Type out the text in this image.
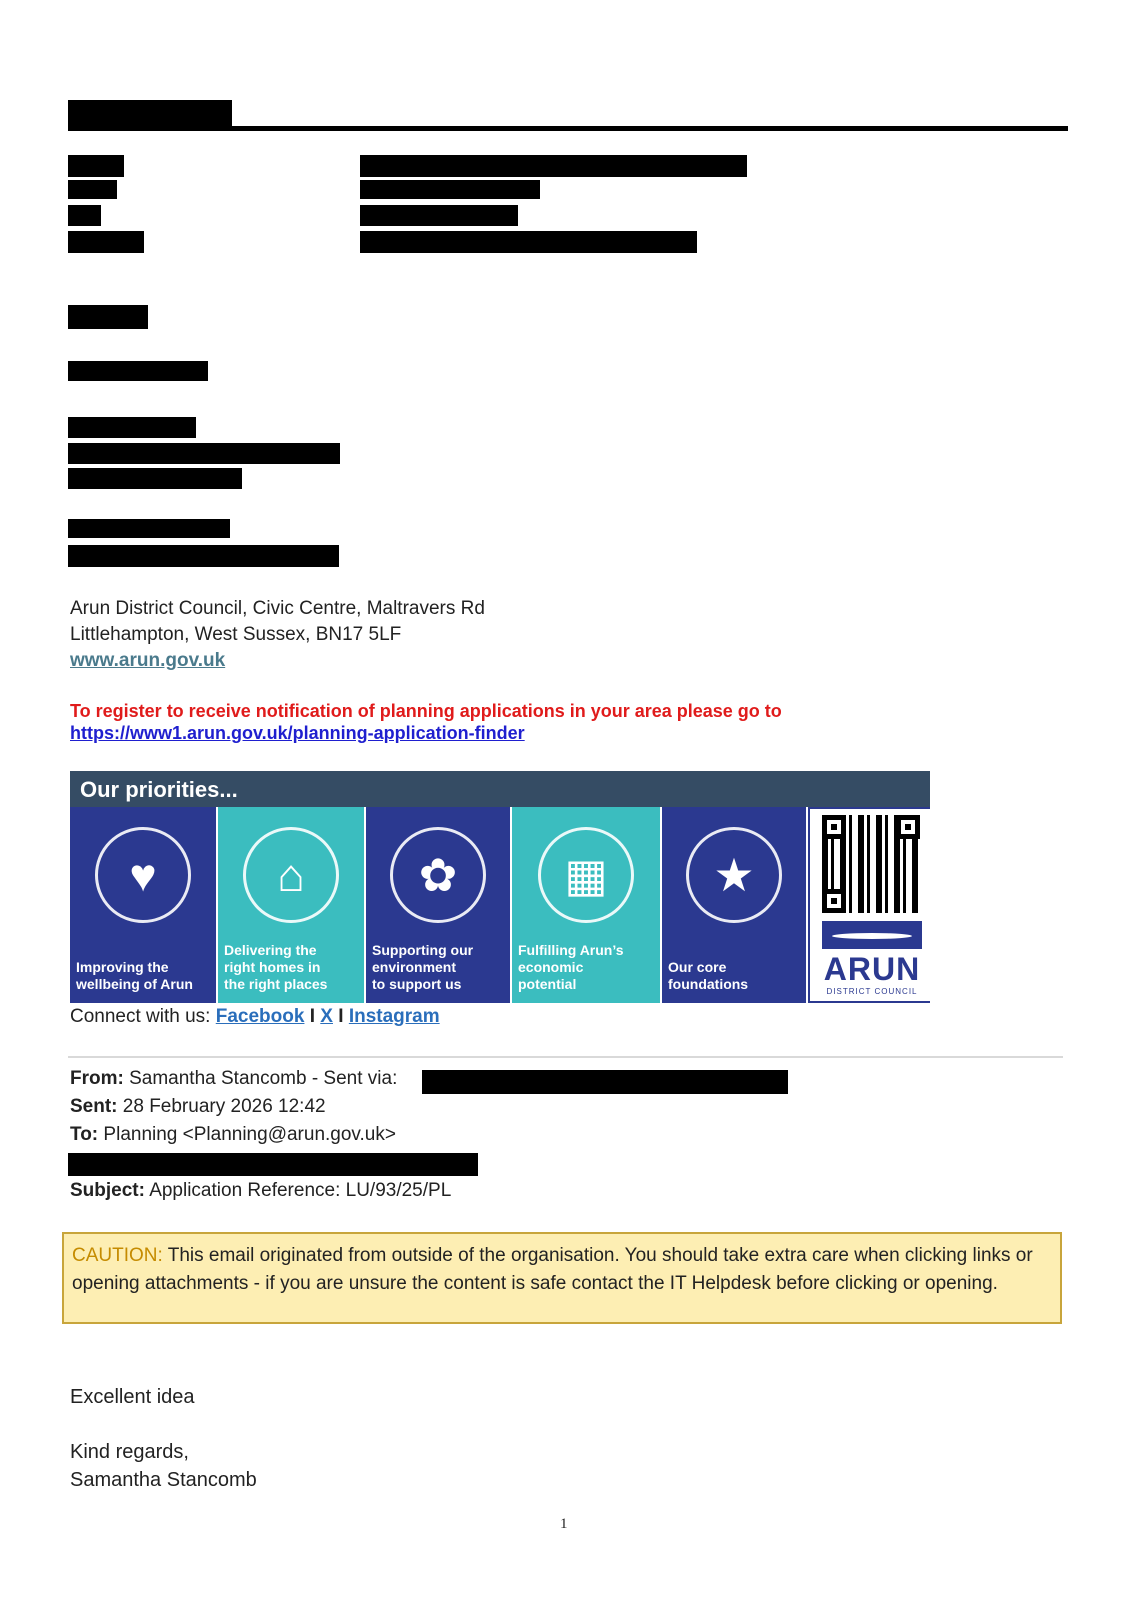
Arun District Council, Civic Centre, Maltravers Rd
Littlehampton, West Sussex, BN17 5LF
www.arun.gov.uk
To register to receive notification of planning applications in your area please go to
https://www1.arun.gov.uk/planning-application-finder
Our priorities...
♥
Improving the
wellbeing of Arun
⌂
Delivering the
right homes in
the right places
✿
Supporting our
environment
to support us
▦
Fulfilling Arun’s
economic
potential
★
Our core
foundations ARUN
DISTRICT COUNCIL
Connect with us: Facebook I X I Instagram
From: Samantha Stancomb - Sent via:
Sent: 28 February 2026 12:42
To: Planning <Planning@arun.gov.uk>
Subject: Application Reference: LU/93/25/PL
CAUTION: This email originated from outside of the organisation. You should take extra care when clicking links or opening attachments - if you are unsure the content is safe contact the IT Helpdesk before clicking or opening.
Excellent idea
Kind regards,
Samantha Stancomb
1
